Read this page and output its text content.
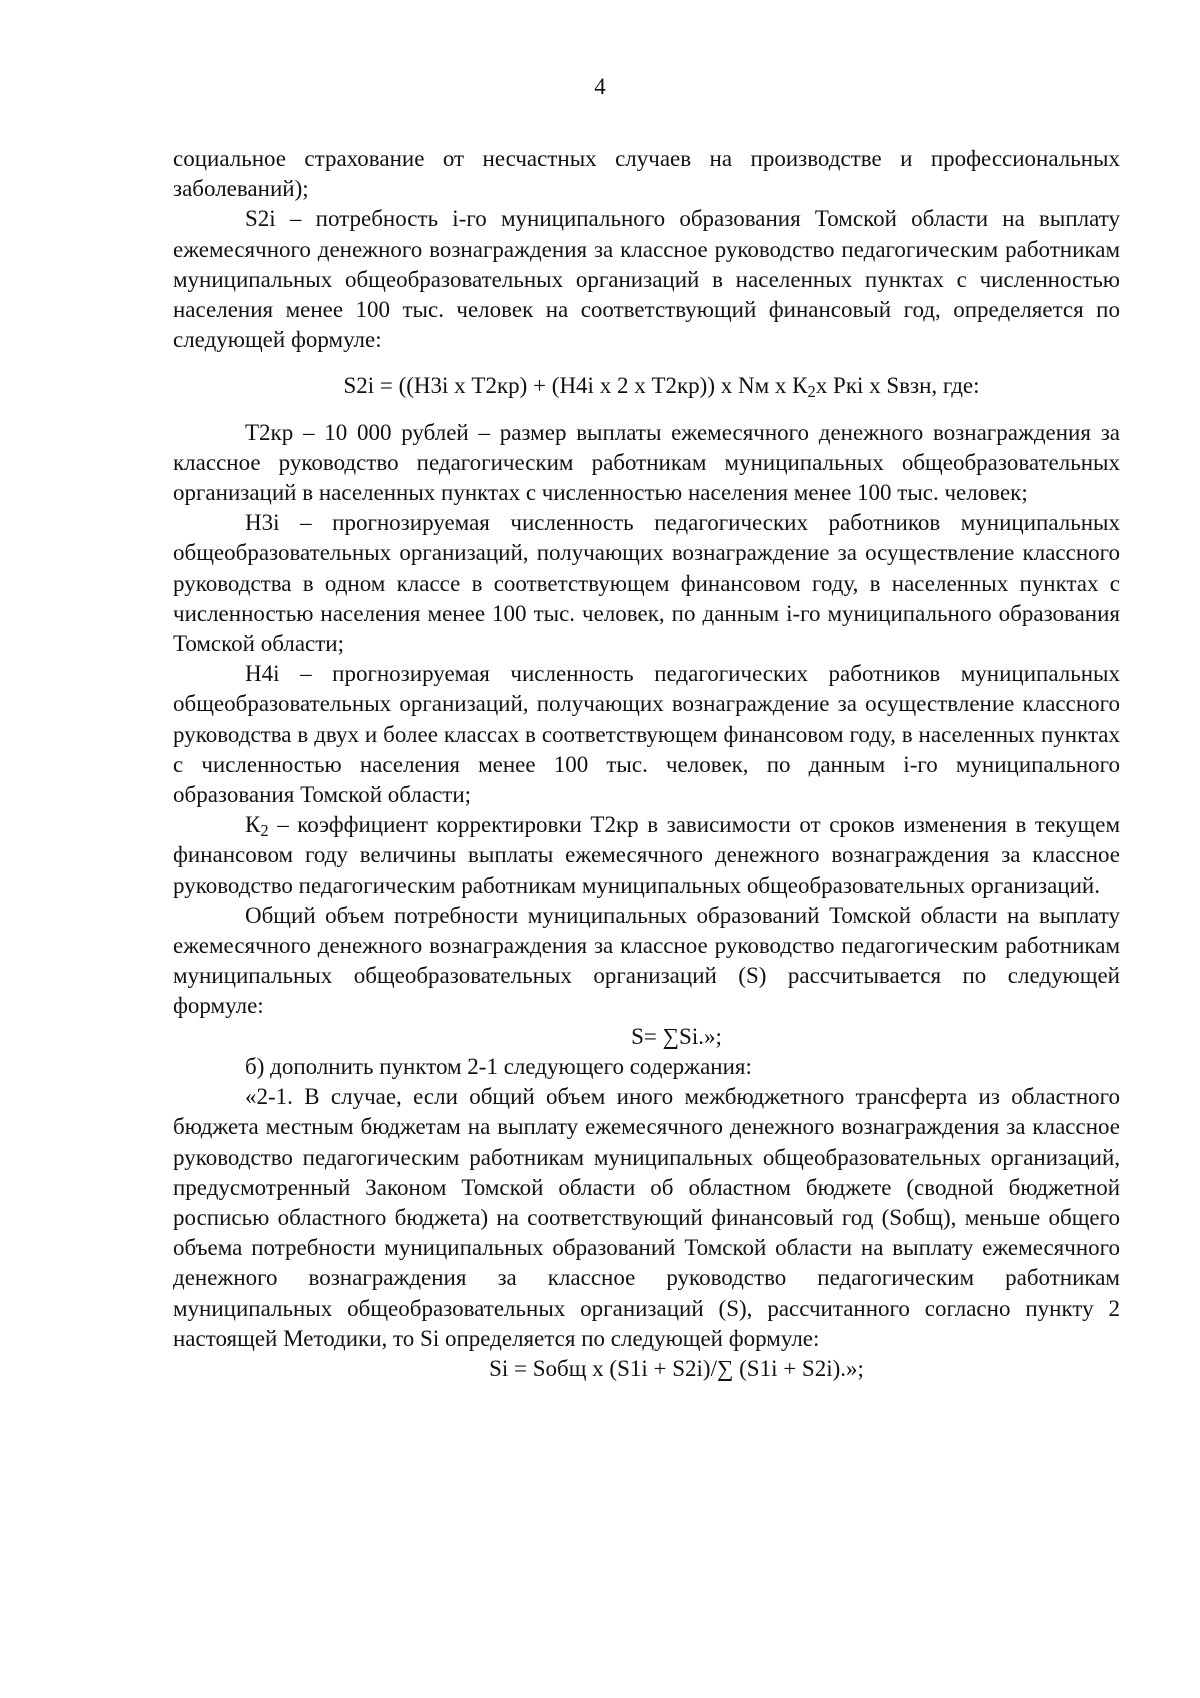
4

социальное страхование от несчастных случаев на производстве и профессиональных заболеваний);

S2i – потребность i-го муниципального образования Томской области на выплату ежемесячного денежного вознаграждения за классное руководство педагогическим работникам муниципальных общеобразовательных организаций в населенных пунктах с численностью населения менее 100 тыс. человек на соответствующий финансовый год, определяется по следующей формуле:

S2i = ((Н3i х Т2кр) + (Н4i х 2 х Т2кр)) х Nм х $К_2х$ Ркi х Sвзн, где:

Т2кр – 10 000 рублей – размер выплаты ежемесячного денежного вознаграждения за классное руководство педагогическим работникам муниципальных общеобразовательных организаций в населенных пунктах с численностью населения менее 100 тыс. человек;

Н3i – прогнозируемая численность педагогических работников муниципальных общеобразовательных организаций, получающих вознаграждение за осуществление классного руководства в одном классе в соответствующем финансовом году, в населенных пунктах с численностью населения менее 100 тыс. человек, по данным i-го муниципального образования Томской области;

Н4i – прогнозируемая численность педагогических работников муниципальных общеобразовательных организаций, получающих вознаграждение за осуществление классного руководства в двух и более классах в соответствующем финансовом году, в населенных пунктах с численностью населения менее 100 тыс. человек, по данным i-го муниципального образования Томской области;

$К_2$ – коэффициент корректировки Т2кр в зависимости от сроков изменения в текущем финансовом году величины выплаты ежемесячного денежного вознаграждения за классное руководство педагогическим работникам муниципальных общеобразовательных организаций.

Общий объем потребности муниципальных образований Томской области на выплату ежемесячного денежного вознаграждения за классное руководство педагогическим работникам муниципальных общеобразовательных организаций (S) рассчитывается по следующей формуле:

S= ∑Si.»;

б) дополнить пунктом 2-1 следующего содержания:

«2-1. В случае, если общий объем иного межбюджетного трансферта из областного бюджета местным бюджетам на выплату ежемесячного денежного вознаграждения за классное руководство педагогическим работникам муниципальных общеобразовательных организаций, предусмотренный Законом Томской области об областном бюджете (сводной бюджетной росписью областного бюджета) на соответствующий финансовый год (Sобщ), меньше общего объема потребности муниципальных образований Томской области на выплату ежемесячного денежного вознаграждения за классное руководство педагогическим работникам муниципальных общеобразовательных организаций (S), рассчитанного согласно пункту 2 настоящей Методики, то Si определяется по следующей формуле:

Si = Sобщ х (S1i + S2i)/∑ (S1i + S2i).»;
